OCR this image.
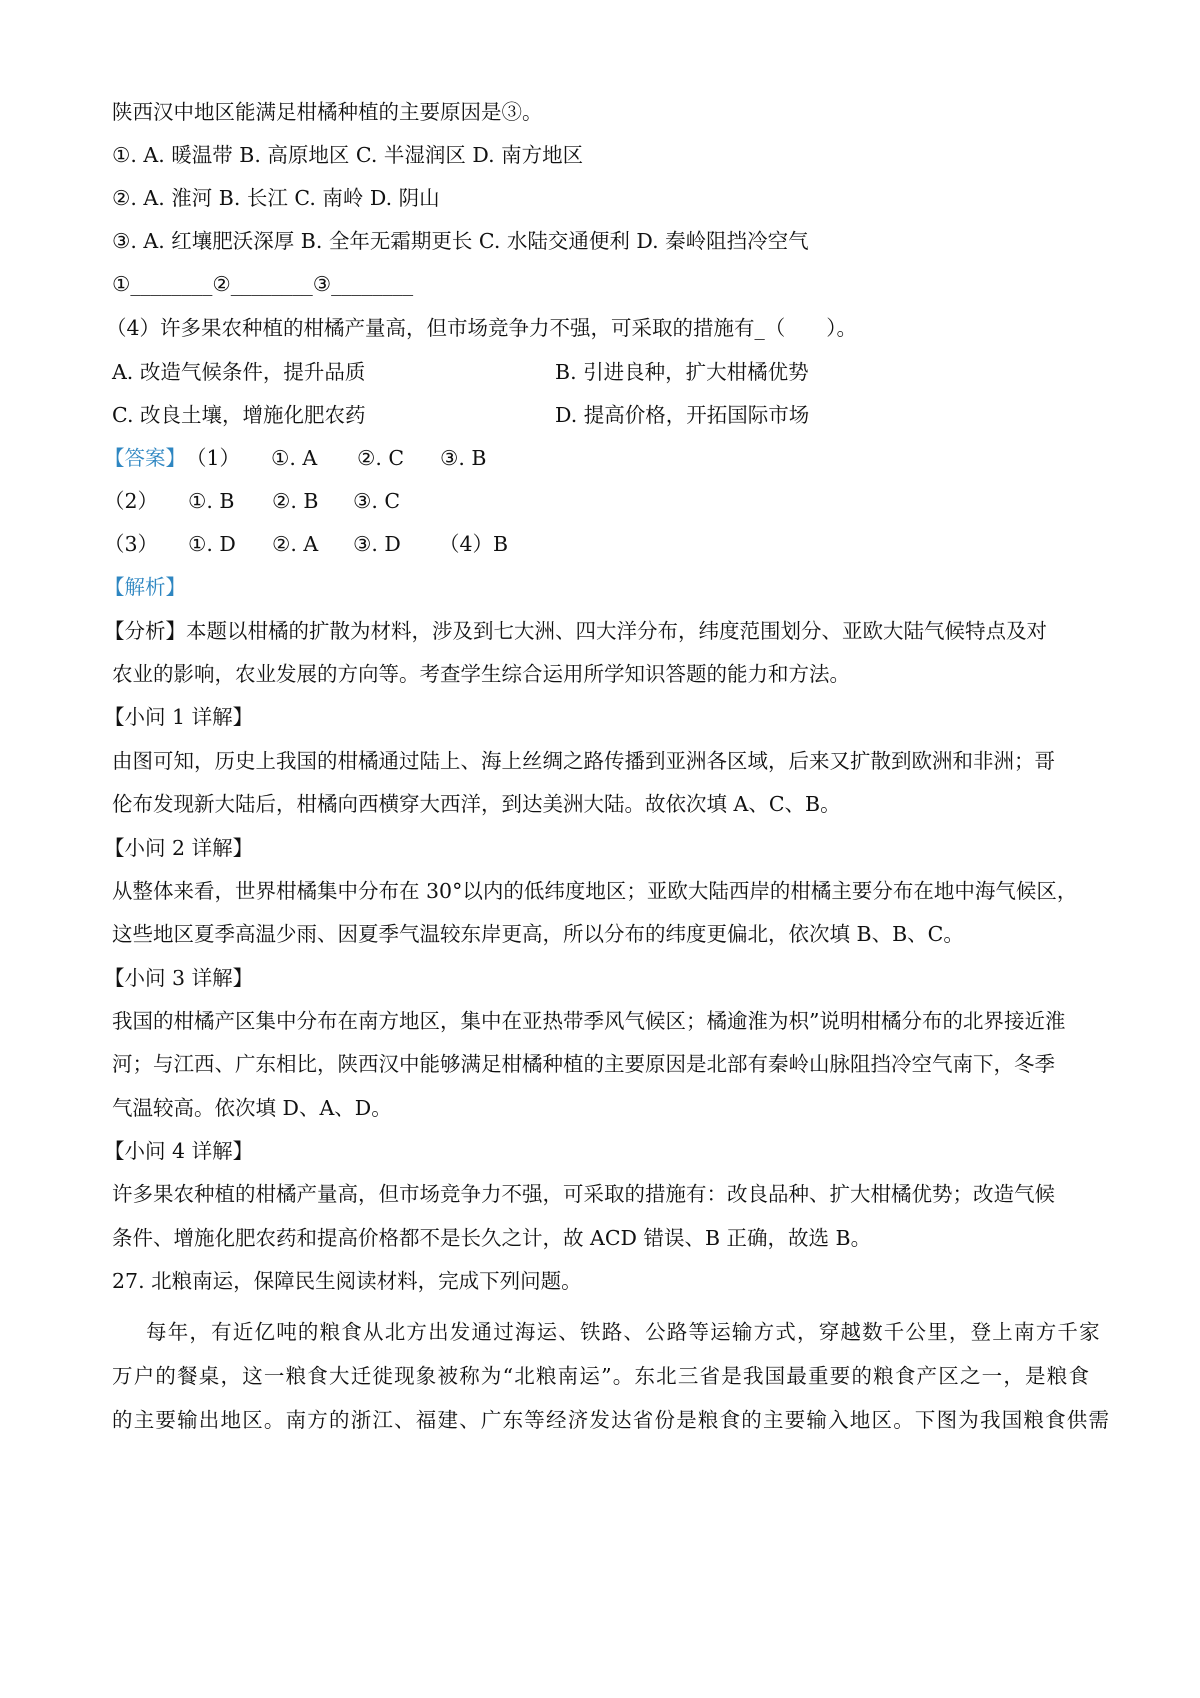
陕西汉中地区能满足柑橘种植的主要原因是③。
①. A. 暖温带 B. 高原地区 C. 半湿润区 D. 南方地区
②. A. 淮河 B. 长江 C. 南岭 D. 阴山
③. A. 红壤肥沃深厚 B. 全年无霜期更长 C. 水陆交通便利 D. 秦岭阻挡冷空气
①________②________③________
（4）许多果农种植的柑橘产量高，但市场竞争力不强，可采取的措施有_（　　）。
A. 改造气候条件，提升品质	B. 引进良种，扩大柑橘优势
C. 改良土壤，增施化肥农药	D. 提高价格，开拓国际市场
【答案】（1） ①. A ②. C ③. B
（2） ①. B ②. B ③. C
（3） ①. D ②. A ③. D （4）B
【解析】
【分析】本题以柑橘的扩散为材料，涉及到七大洲、四大洋分布，纬度范围划分、亚欧大陆气候特点及对
农业的影响，农业发展的方向等。考查学生综合运用所学知识答题的能力和方法。
【小问 1 详解】
由图可知，历史上我国的柑橘通过陆上、海上丝绸之路传播到亚洲各区域，后来又扩散到欧洲和非洲；哥
伦布发现新大陆后，柑橘向西横穿大西洋，到达美洲大陆。故依次填 A、C、B。
【小问 2 详解】
从整体来看，世界柑橘集中分布在 30°以内的低纬度地区；亚欧大陆西岸的柑橘主要分布在地中海气候区，
这些地区夏季高温少雨、因夏季气温较东岸更高，所以分布的纬度更偏北，依次填 B、B、C。
【小问 3 详解】
我国的柑橘产区集中分布在南方地区，集中在亚热带季风气候区；橘逾淮为枳”说明柑橘分布的北界接近淮
河；与江西、广东相比，陕西汉中能够满足柑橘种植的主要原因是北部有秦岭山脉阻挡冷空气南下，冬季
气温较高。依次填 D、A、D。
【小问 4 详解】
许多果农种植的柑橘产量高，但市场竞争力不强，可采取的措施有：改良品种、扩大柑橘优势；改造气候
条件、增施化肥农药和提高价格都不是长久之计，故 ACD 错误、B 正确，故选 B。
27. 北粮南运，保障民生阅读材料，完成下列问题。
每年，有近亿吨的粮食从北方出发通过海运、铁路、公路等运输方式，穿越数千公里，登上南方千家
万户的餐桌，这一粮食大迁徙现象被称为“北粮南运”。东北三省是我国最重要的粮食产区之一，是粮食
的主要输出地区。南方的浙江、福建、广东等经济发达省份是粮食的主要输入地区。下图为我国粮食供需
